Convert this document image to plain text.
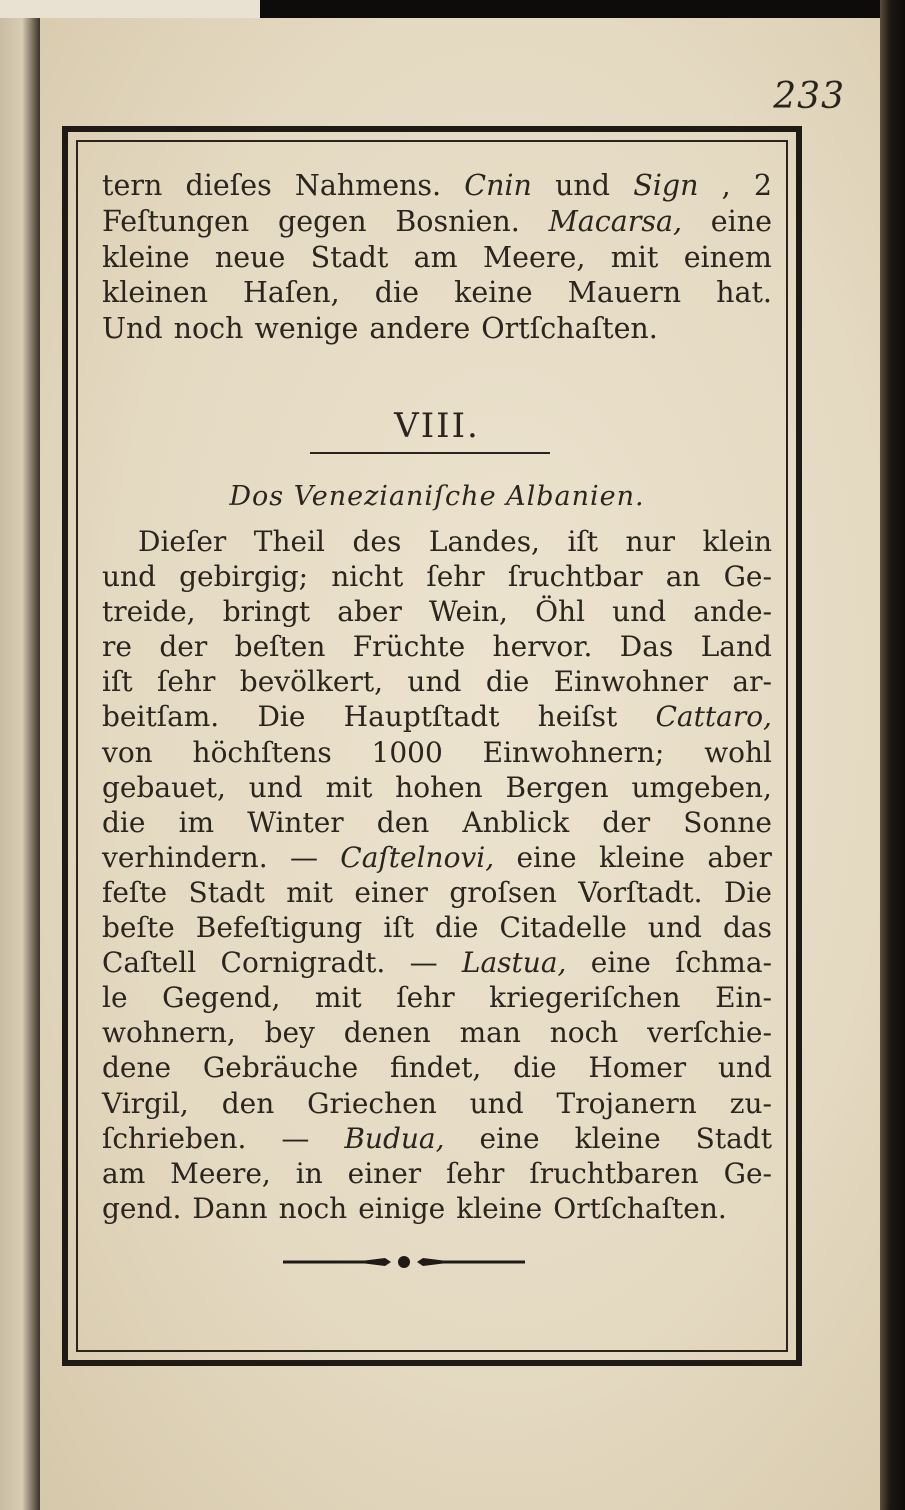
233
tern dieſes Nahmens. Cnin und Sign , 2
Feſtungen gegen Bosnien. Macarsa, eine
kleine neue Stadt am Meere, mit einem
kleinen Haſen, die keine Mauern hat.
Und noch wenige andere Ortſchaſten.
VIII.
Dos Venezianiſche Albanien.
Dieſer Theil des Landes, iſt nur klein
und gebirgig; nicht ſehr ſruchtbar an Ge-
treide, bringt aber Wein, Öhl und ande-
re der beſten Früchte hervor. Das Land
iſt ſehr bevölkert, und die Einwohner ar-
beitſam. Die Hauptſtadt heiſst Cattaro,
von höchſtens 1000 Einwohnern; wohl
gebauet, und mit hohen Bergen umgeben,
die im Winter den Anblick der Sonne
verhindern. — Caſtelnovi, eine kleine aber
feſte Stadt mit einer groſsen Vorſtadt. Die
beſte Befeſtigung iſt die Citadelle und das
Caſtell Cornigradt. — Lastua, eine ſchma-
le Gegend, mit ſehr kriegeriſchen Ein-
wohnern, bey denen man noch verſchie-
dene Gebräuche findet, die Homer und
Virgil, den Griechen und Trojanern zu-
ſchrieben. — Budua, eine kleine Stadt
am Meere, in einer ſehr ſruchtbaren Ge-
gend. Dann noch einige kleine Ortſchaſten.
